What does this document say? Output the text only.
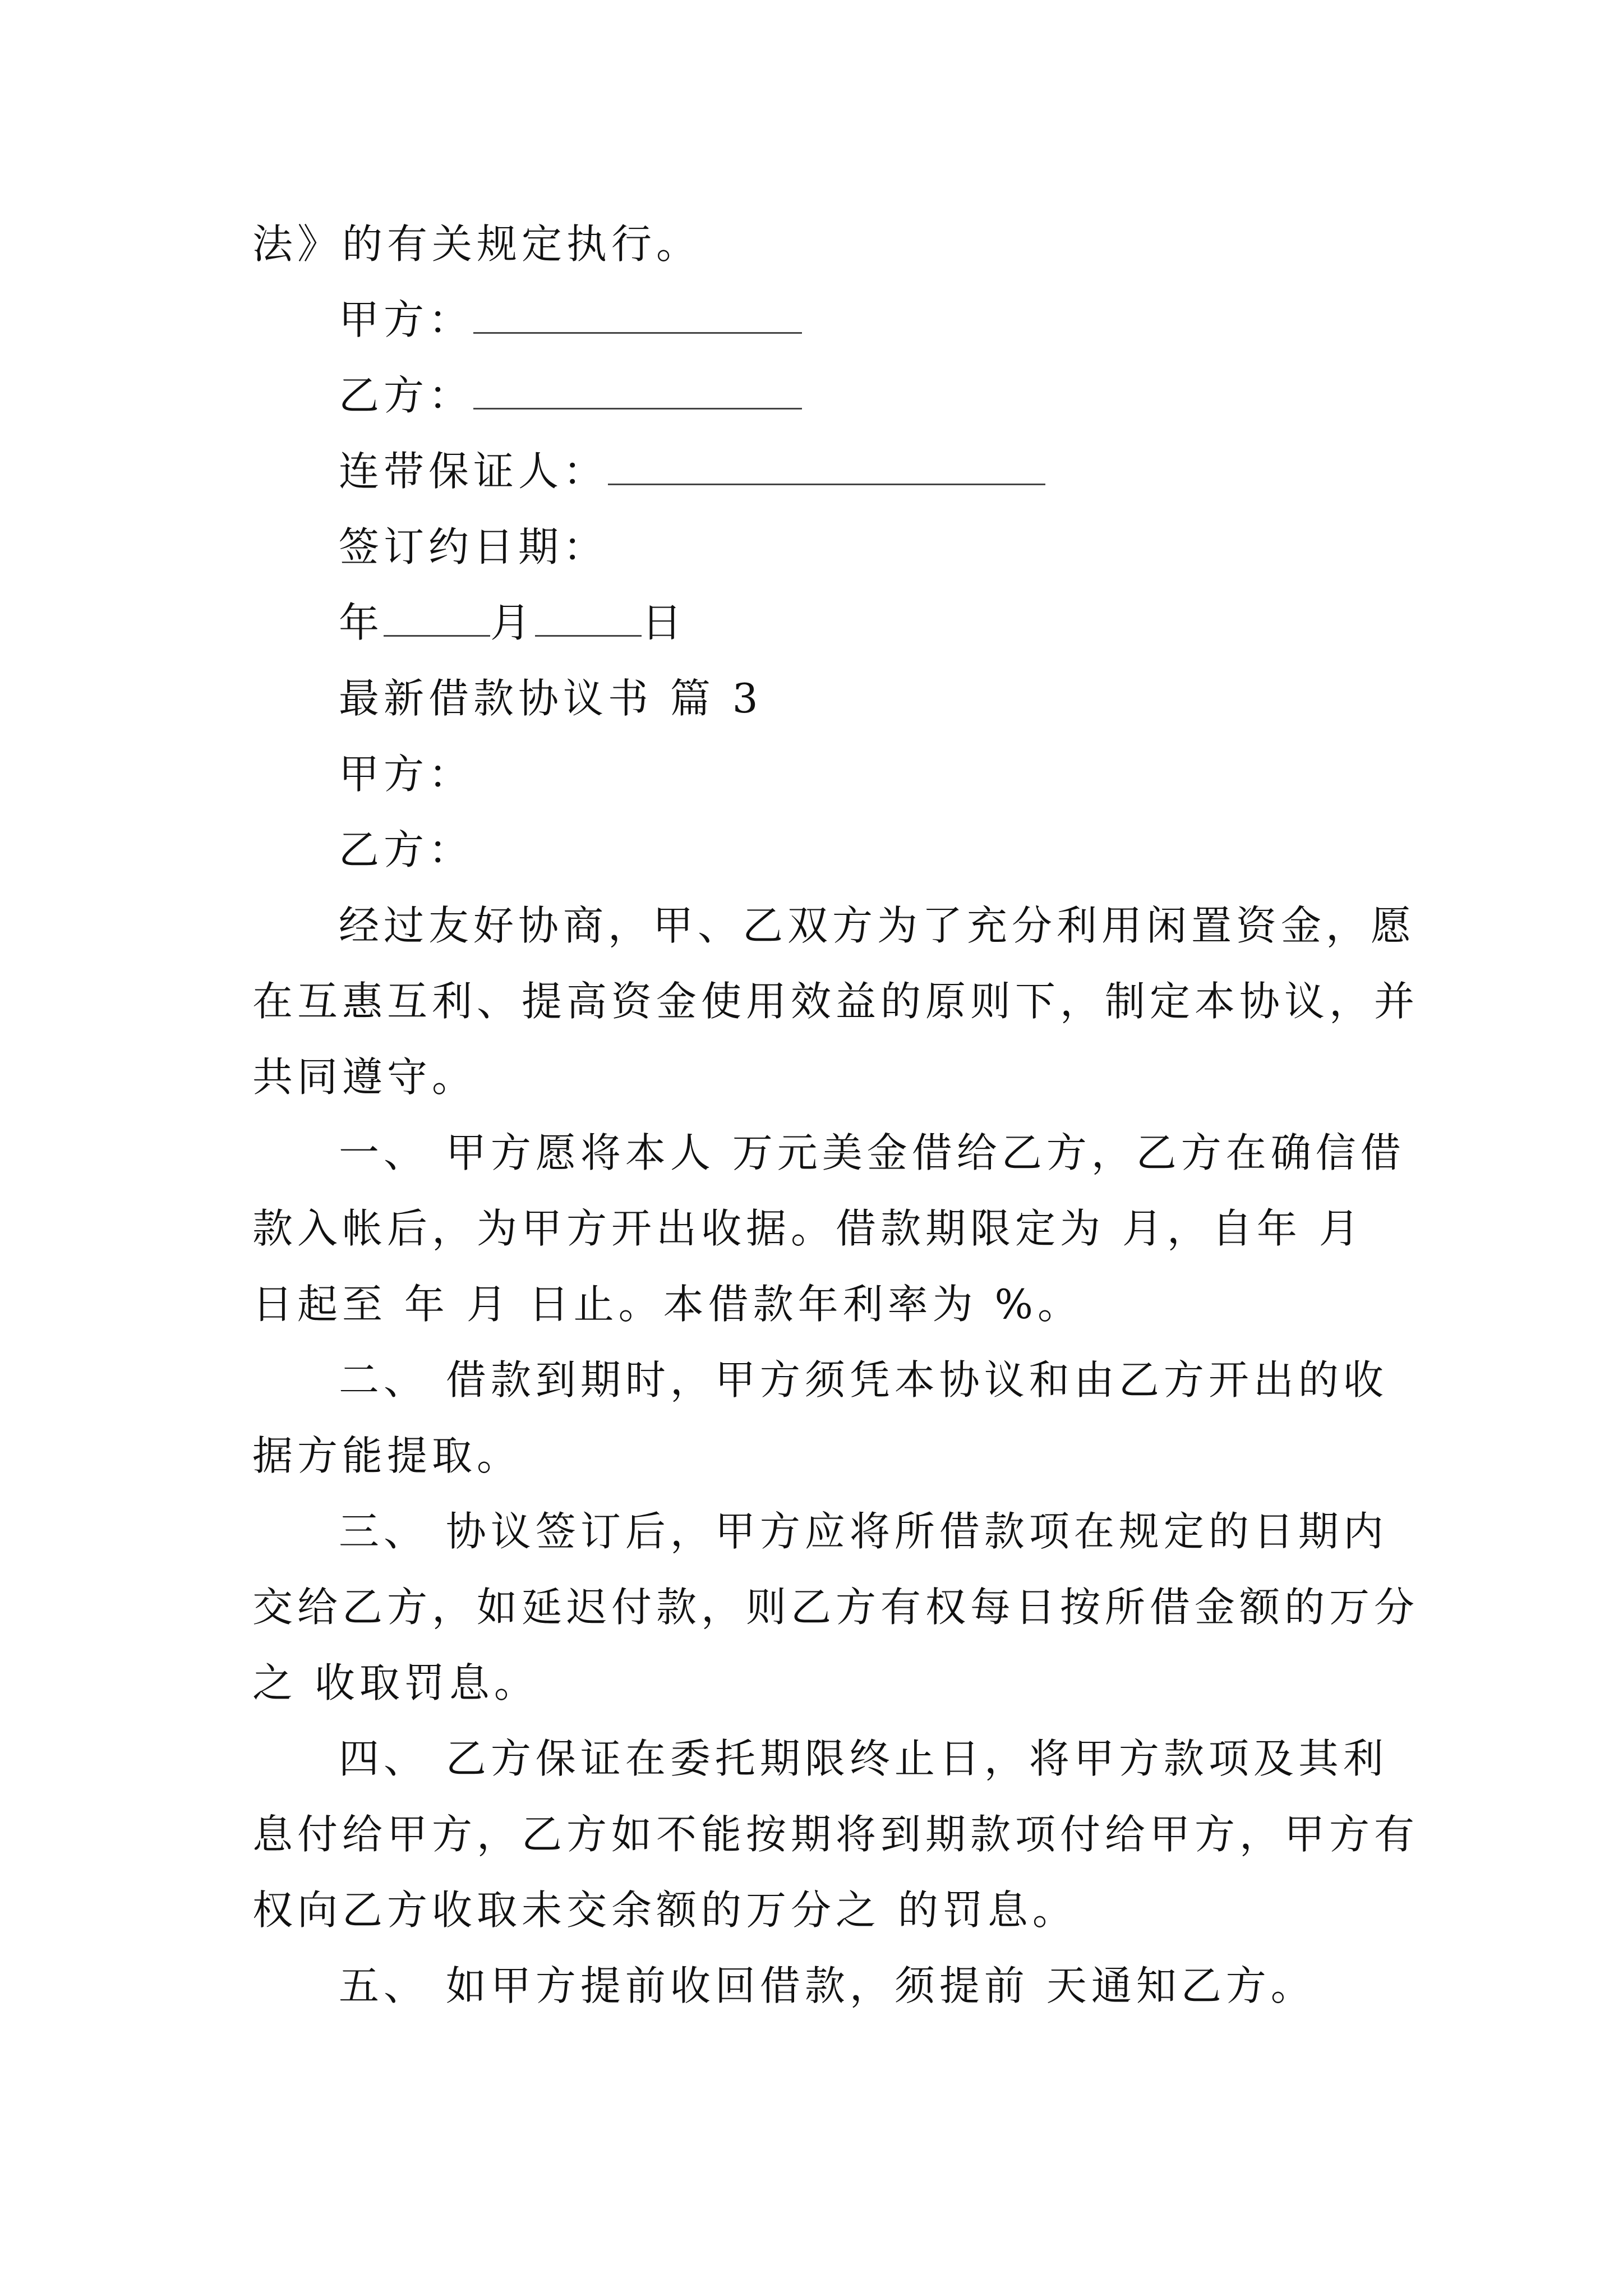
法》的有关规定执行。
甲方：
乙方：
连带保证人：
签订约日期：
年	月	日
最新借款协议书 篇 3
甲方：
乙方：
经过友好协商，甲、乙双方为了充分利用闲置资金，愿
在互惠互利、提高资金使用效益的原则下，制定本协议，并
共同遵守。
一、 甲方愿将本人 万元美金借给乙方，乙方在确信借
款入帐后，为甲方开出收据。借款期限定为 月，自年 月
日起至 年 月 日止。本借款年利率为 %。
二、 借款到期时，甲方须凭本协议和由乙方开出的收
据方能提取。
三、 协议签订后，甲方应将所借款项在规定的日期内
交给乙方，如延迟付款，则乙方有权每日按所借金额的万分
之 收取罚息。
四、 乙方保证在委托期限终止日，将甲方款项及其利
息付给甲方，乙方如不能按期将到期款项付给甲方，甲方有
权向乙方收取未交余额的万分之 的罚息。
五、 如甲方提前收回借款，须提前 天通知乙方。
